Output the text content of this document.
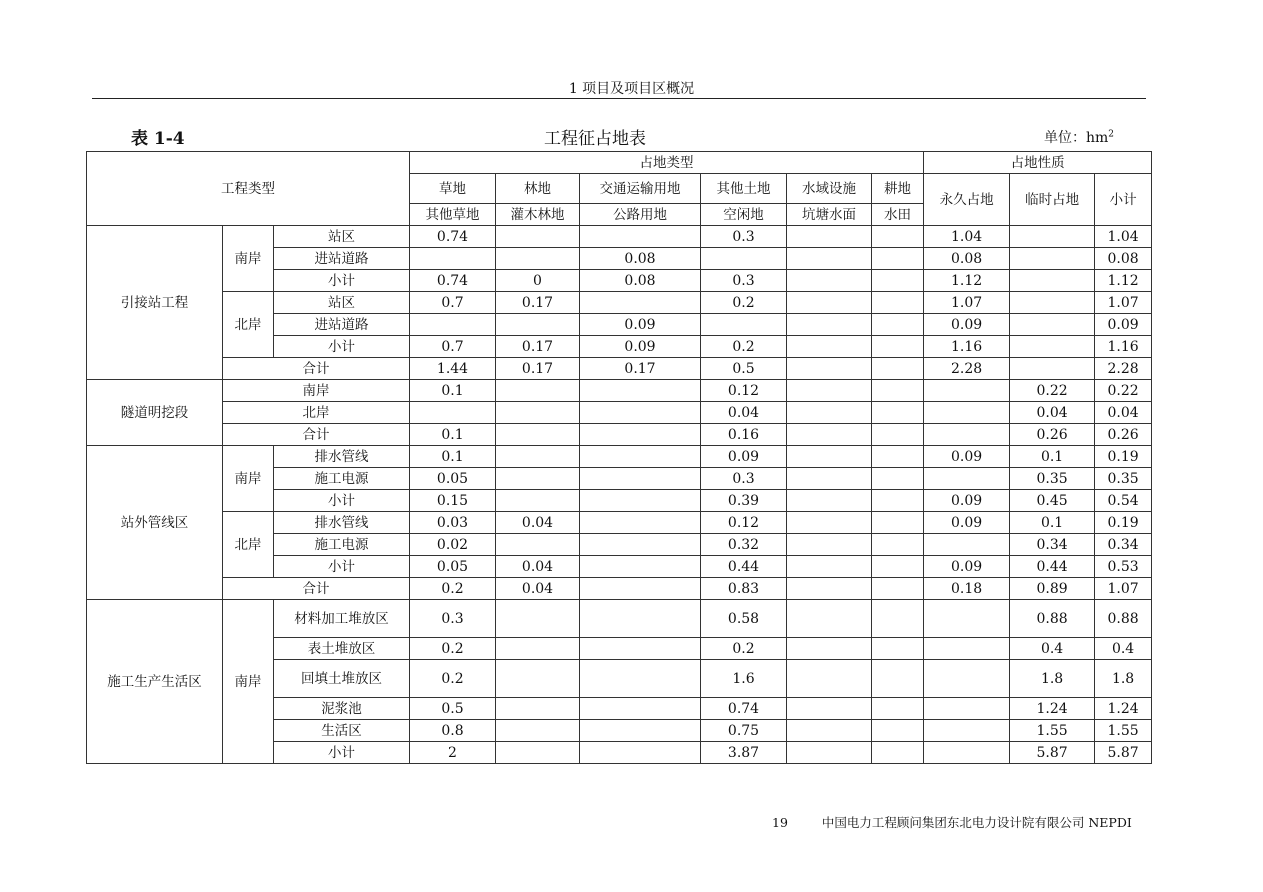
1 项目及项目区概况
表 1-4	工程征占地表	单位：$hm^2$
工程类型			占地类型						占地性质		
			草地	林地	交通运输用地	其他土地	水域设施	耕地	永久占地	临时占地	小计
			其他草地	灌木林地	公路用地	空闲地	坑塘水面	水田			
引接站工程	南岸	站区	0.74			0.3			1.04		1.04
		进站道路			0.08				0.08		0.08
		小计	0.74	0	0.08	0.3			1.12		1.12
	北岸	站区	0.7	0.17		0.2			1.07		1.07
		进站道路			0.09				0.09		0.09
		小计	0.7	0.17	0.09	0.2			1.16		1.16
	合计		1.44	0.17	0.17	0.5			2.28		2.28
隧道明挖段	南岸		0.1			0.12				0.22	0.22
	北岸					0.04				0.04	0.04
	合计		0.1			0.16				0.26	0.26
站外管线区	南岸	排水管线	0.1			0.09			0.09	0.1	0.19
		施工电源	0.05			0.3				0.35	0.35
		小计	0.15			0.39			0.09	0.45	0.54
	北岸	排水管线	0.03	0.04		0.12			0.09	0.1	0.19
		施工电源	0.02			0.32				0.34	0.34
		小计	0.05	0.04		0.44			0.09	0.44	0.53
	合计		0.2	0.04		0.83			0.18	0.89	1.07
施工生产生活区	南岸	材料加工堆放区	0.3			0.58				0.88	0.88
		表土堆放区	0.2			0.2				0.4	0.4
		回填土堆放区	0.2			1.6				1.8	1.8
		泥浆池	0.5			0.74				1.24	1.24
		生活区	0.8			0.75				1.55	1.55
		小计	2			3.87				5.87	5.87
19	中国电力工程顾问集团东北电力设计院有限公司 NEPDI
